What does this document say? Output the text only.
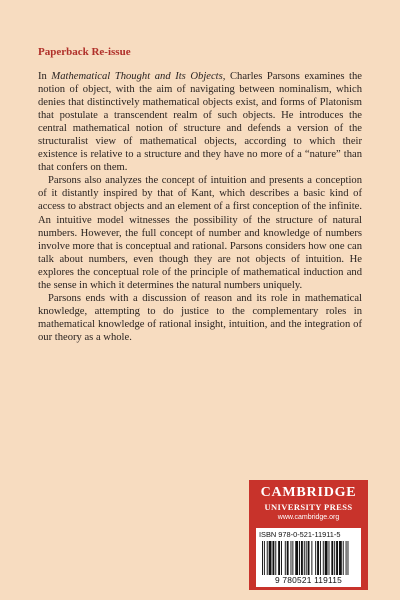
Paperback Re-issue

In Mathematical Thought and Its Objects, Charles Parsons examines the notion of object, with the aim of navigating between nominalism, which denies that distinctively mathematical objects exist, and forms of Platonism that postulate a transcendent realm of such objects. He introduces the central mathematical notion of structure and defends a version of the structuralist view of mathematical objects, according to which their existence is relative to a structure and they have no more of a “nature” than that confers on them.

Parsons also analyzes the concept of intuition and presents a conception of it distantly inspired by that of Kant, which describes a basic kind of access to abstract objects and an element of a first conception of the infinite. An intuitive model witnesses the possibility of the structure of natural numbers. However, the full concept of number and knowledge of numbers involve more that is conceptual and rational. Parsons considers how one can talk about numbers, even though they are not objects of intuition. He explores the conceptual role of the principle of mathematical induction and the sense in which it determines the natural numbers uniquely.

Parsons ends with a discussion of reason and its role in mathematical knowledge, attempting to do justice to the complementary roles in mathematical knowledge of rational insight, intuition, and the integration of our theory as a whole.

CAMBRIDGE
UNIVERSITY PRESS
www.cambridge.org
ISBN 978-0-521-11911-5
9 780521 119115
